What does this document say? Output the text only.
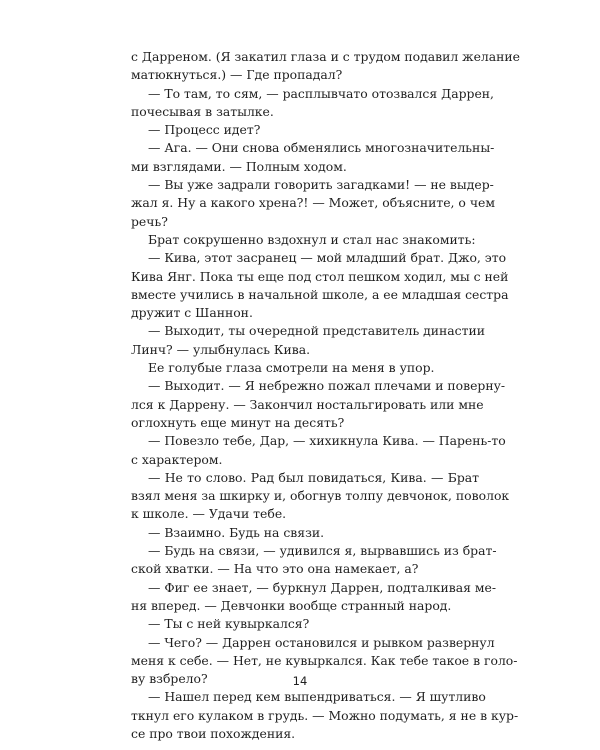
с Дарреном. (Я закатил глаза и с трудом подавил желание
матюкнуться.) — Где пропадал?
— То там, то сям, — расплывчато отозвался Даррен,
почесывая в затылке.
— Процесс идет?
— Ага. — Они снова обменялись многозначительны-
ми взглядами. — Полным ходом.
— Вы уже задрали говорить загадками! — не выдер-
жал я. Ну а какого хрена?! — Может, объясните, о чем
речь?
Брат сокрушенно вздохнул и стал нас знакомить:
— Кива, этот засранец — мой младший брат. Джо, это
Кива Янг. Пока ты еще под стол пешком ходил, мы с ней
вместе учились в начальной школе, а ее младшая сестра
дружит с Шаннон.
— Выходит, ты очередной представитель династии
Линч? — улыбнулась Кива.
Ее голубые глаза смотрели на меня в упор.
— Выходит. — Я небрежно пожал плечами и поверну-
лся к Даррену. — Закончил ностальгировать или мне
оглохнуть еще минут на десять?
— Повезло тебе, Дар, — хихикнула Кива. — Парень-то
с характером.
— Не то слово. Рад был повидаться, Кива. — Брат
взял меня за шкирку и, обогнув толпу девчонок, поволок
к школе. — Удачи тебе.
— Взаимно. Будь на связи.
— Будь на связи, — удивился я, вырвавшись из брат-
ской хватки. — На что это она намекает, а?
— Фиг ее знает, — буркнул Даррен, подталкивая ме-
ня вперед. — Девчонки вообще странный народ.
— Ты с ней кувыркался?
— Чего? — Даррен остановился и рывком развернул
меня к себе. — Нет, не кувыркался. Как тебе такое в голо-
ву взбрело?
— Нашел перед кем выпендриваться. — Я шутливо
ткнул его кулаком в грудь. — Можно подумать, я не в кур-
се про твои похождения.
14
